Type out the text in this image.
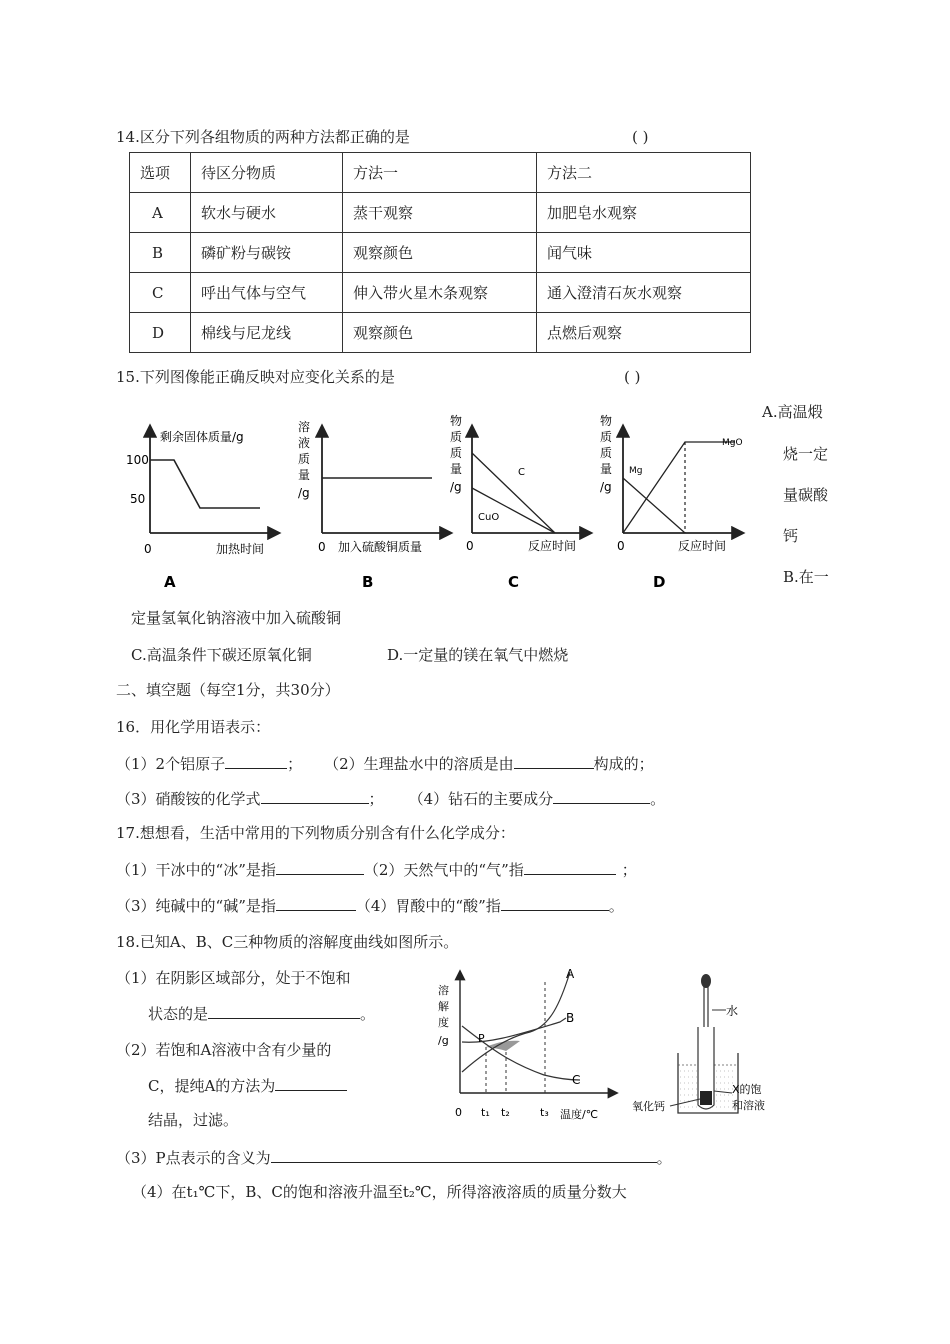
14.区分下列各组物质的两种方法都正确的是	( )
选项	待区分物质	方法一	方法二
A	软水与硬水	蒸干观察	加肥皂水观察
B	磷矿粉与碳铵	观察颜色	闻气味
C	呼出气体与空气	伸入带火星木条观察	通入澄清石灰水观察
D	棉线与尼龙线	观察颜色	点燃后观察
15.下列图像能正确反映对应变化关系的是	( )
剩余固体质量/g
100
50
0	加热时间
A
溶
液
质
量
/g
0 加入硫酸铜质量
B
物
质
质
量
/g
C
CuO
0	反应时间
C
物
质
质
量
/g
Mg
MgO
0	反应时间
D
A.高温煅
烧一定
量碳酸
钙
B.在一
定量氢氧化钠溶液中加入硫酸铜
C.高温条件下碳还原氧化铜	D.一定量的镁在氧气中燃烧
二、填空题（每空1分，共30分）
16．用化学用语表示：
（1）2个铝原子	； （2）生理盐水中的溶质是由	构成的；
（3）硝酸铵的化学式	； （4）钻石的主要成分	。
17.想想看，生活中常用的下列物质分别含有什么化学成分：
（1）干冰中的“冰”是指	（2）天然气中的“气”指	；
（3）纯碱中的“碱”是指	（4）胃酸中的“酸”指	。
18.已知A、B、C三种物质的溶解度曲线如图所示。
（1）在阴影区域部分，处于不饱和
状态的是	。
（2）若饱和A溶液中含有少量的
C，提纯A的方法为
结晶，过滤。
（3）P点表示的含义为	。
（4）在t₁℃下，B、C的饱和溶液升温至t₂℃，所得溶液溶质的质量分数大
溶
解
度
/g
A
B
C
P
0 t₁ t₂	t₃ 温度/℃
水
X的饱
和溶液
氧化钙
